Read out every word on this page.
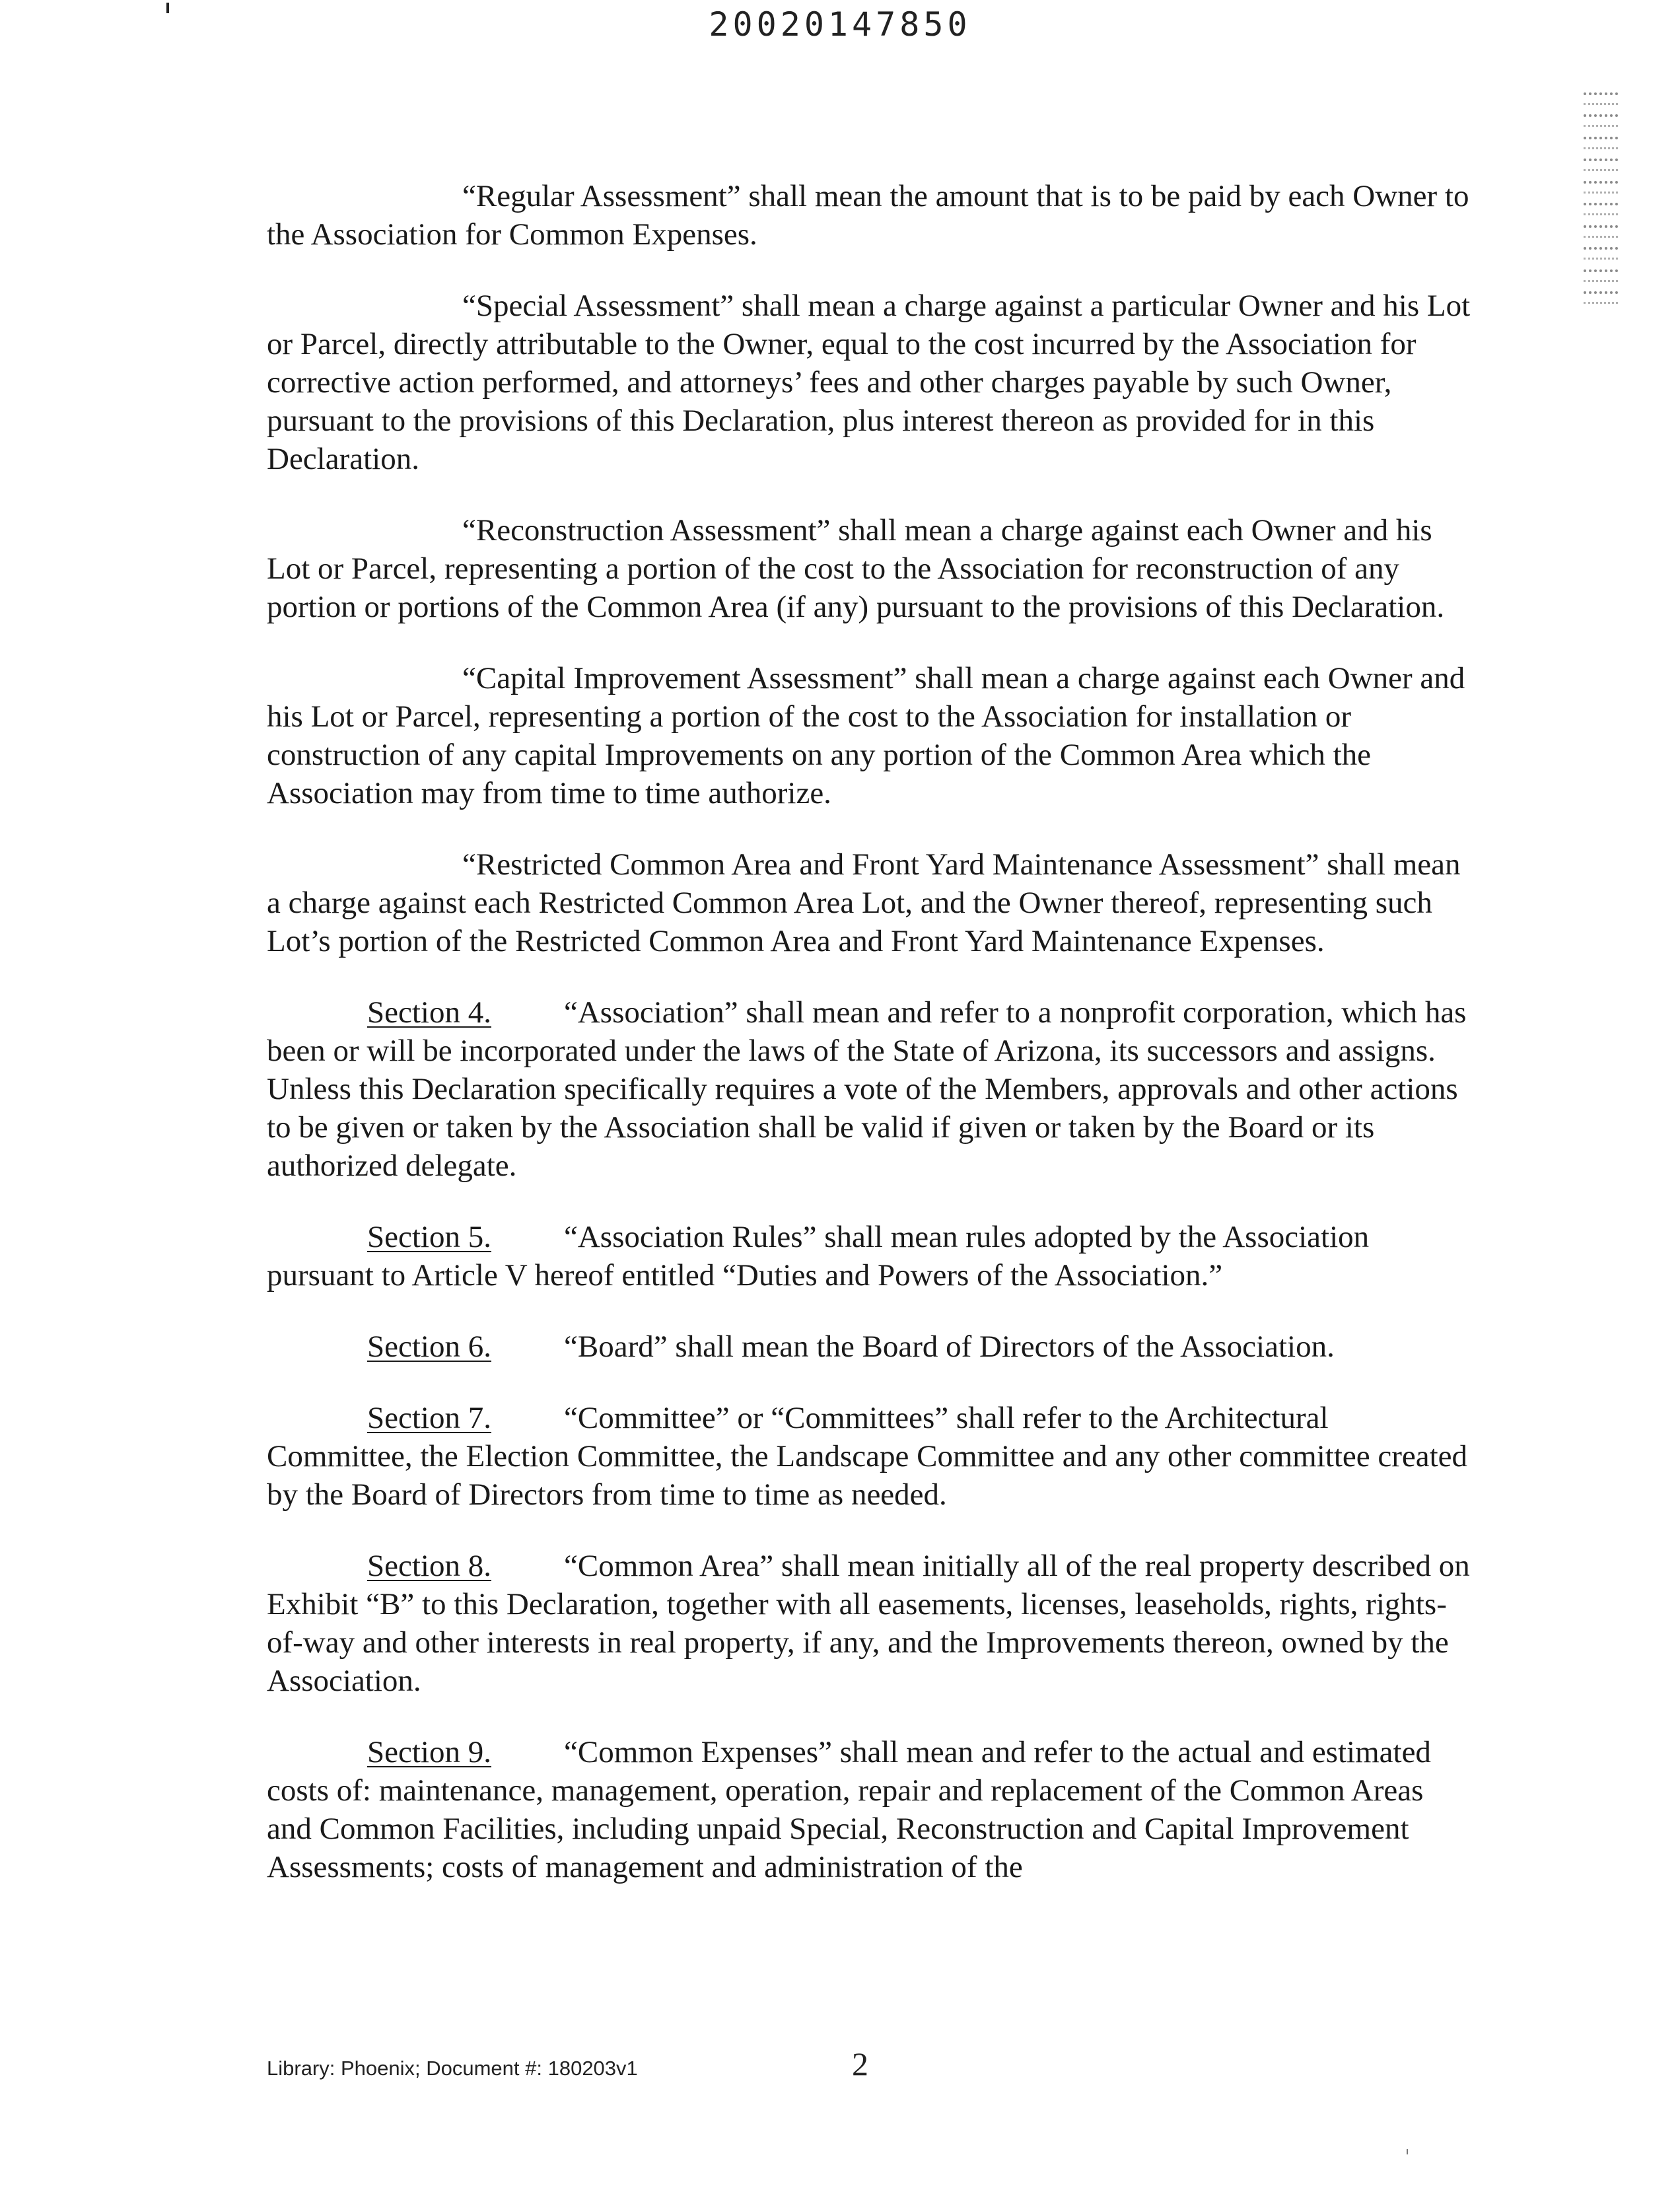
20020147850

“Regular Assessment” shall mean the amount that is to be paid by each Owner to the Association for Common Expenses.

“Special Assessment” shall mean a charge against a particular Owner and his Lot or Parcel, directly attributable to the Owner, equal to the cost incurred by the Association for corrective action performed, and attorneys’ fees and other charges payable by such Owner, pursuant to the provisions of this Declaration, plus interest thereon as provided for in this Declaration.

“Reconstruction Assessment” shall mean a charge against each Owner and his Lot or Parcel, representing a portion of the cost to the Association for reconstruction of any portion or portions of the Common Area (if any) pursuant to the provisions of this Declaration.

“Capital Improvement Assessment” shall mean a charge against each Owner and his Lot or Parcel, representing a portion of the cost to the Association for installation or construction of any capital Improvements on any portion of the Common Area which the Association may from time to time authorize.

“Restricted Common Area and Front Yard Maintenance Assessment” shall mean a charge against each Restricted Common Area Lot, and the Owner thereof, representing such Lot’s portion of the Restricted Common Area and Front Yard Maintenance Expenses.

Section 4. “Association” shall mean and refer to a nonprofit corporation, which has been or will be incorporated under the laws of the State of Arizona, its successors and assigns. Unless this Declaration specifically requires a vote of the Members, approvals and other actions to be given or taken by the Association shall be valid if given or taken by the Board or its authorized delegate.

Section 5. “Association Rules” shall mean rules adopted by the Association pursuant to Article V hereof entitled “Duties and Powers of the Association.”

Section 6. “Board” shall mean the Board of Directors of the Association.

Section 7. “Committee” or “Committees” shall refer to the Architectural Committee, the Election Committee, the Landscape Committee and any other committee created by the Board of Directors from time to time as needed.

Section 8. “Common Area” shall mean initially all of the real property described on Exhibit “B” to this Declaration, together with all easements, licenses, leaseholds, rights, rights-of-way and other interests in real property, if any, and the Improvements thereon, owned by the Association.

Section 9. “Common Expenses” shall mean and refer to the actual and estimated costs of: maintenance, management, operation, repair and replacement of the Common Areas and Common Facilities, including unpaid Special, Reconstruction and Capital Improvement Assessments; costs of management and administration of the

Library: Phoenix; Document #: 180203v1	2
